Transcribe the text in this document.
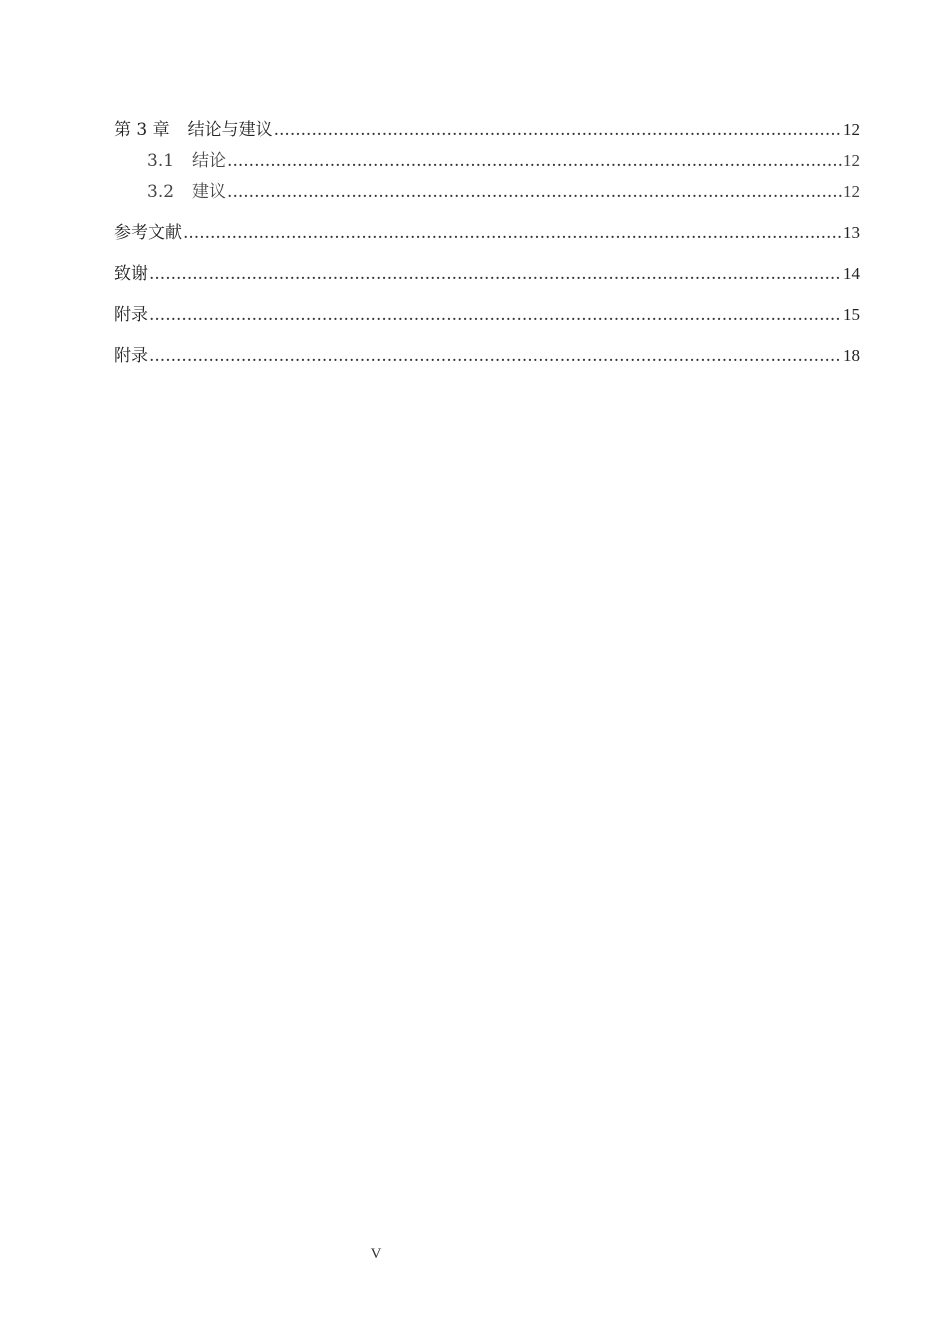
第 3 章 结论与建议 .....	12
3.1 结论 .....	12
3.2 建议 .....	12
参考文献 .....	13
致谢 .....	14
附录 .....	15
附录 .....	18
V
